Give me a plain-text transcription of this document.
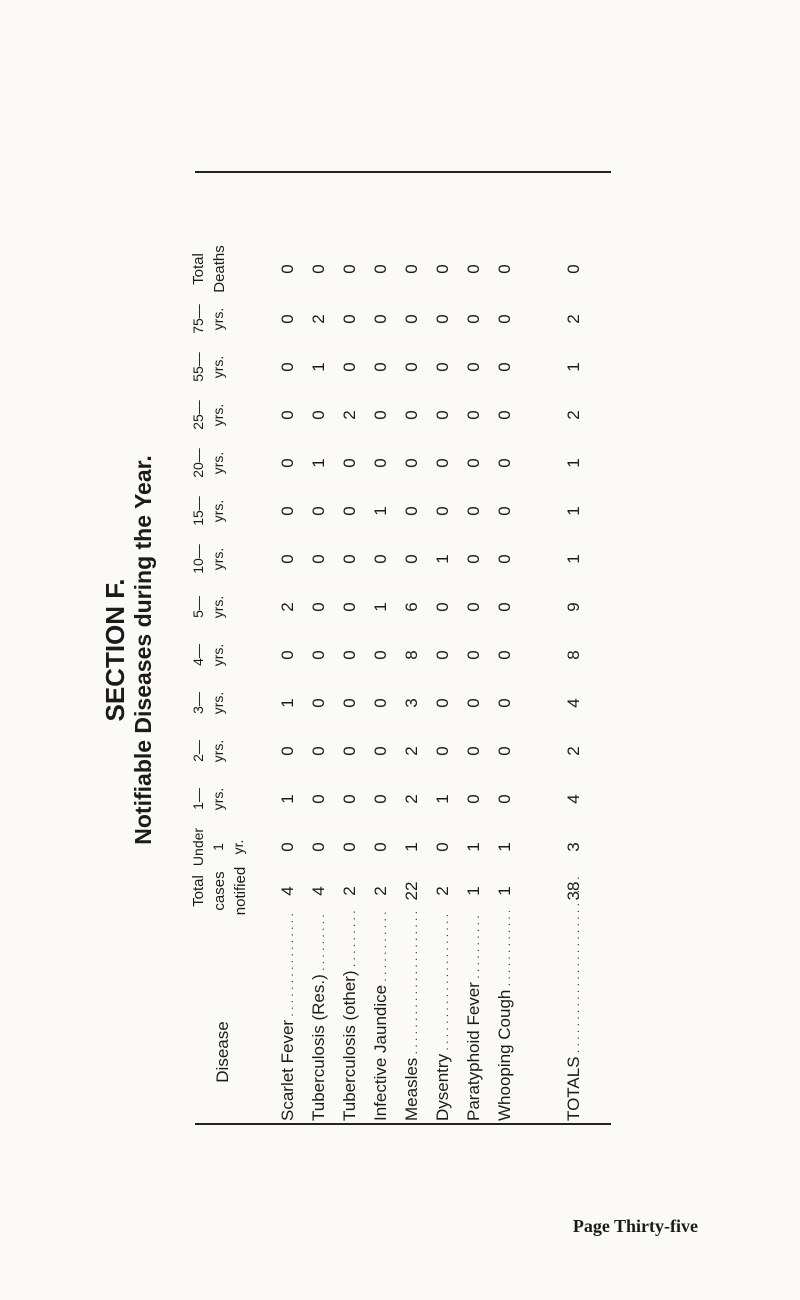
SECTION F. Notifiable Diseases during the Year.
Disease
Total cases notified
Under 1 yr.
1— yrs.
2— yrs.
3— yrs.
4— yrs.
5— yrs.
10— yrs.
15— yrs.
20— yrs.
25— yrs.
55— yrs.
75— yrs.
Total Deaths
Scarlet Fever . . .
4
0
1
0
1
0
2
0
0
0
0
0
0
0
Tuberculosis (Res.) . . .
4
0
0
0
0
0
0
0
0
1
0
1
2
0
Tuberculosis (other) . . .
2
0
0
0
0
0
0
0
0
0
2
0
0
0
Infective Jaundice . . .
2
0
0
0
0
0
1
0
1
0
0
0
0
0
Measles . . .
22
1
2
2
3
8
6
0
0
0
0
0
0
0
Dysentry . . .
2
0
1
0
0
0
0
1
0
0
0
0
0
0
Paratyphoid Fever . . .
1
1
0
0
0
0
0
0
0
0
0
0
0
0
Whooping Cough . . .
1
1
0
0
0
0
0
0
0
0
0
0
0
0
TOTALS . . .
38
3
4
2
4
8
9
1
1
1
2
1
2
0
Page Thirty-five
